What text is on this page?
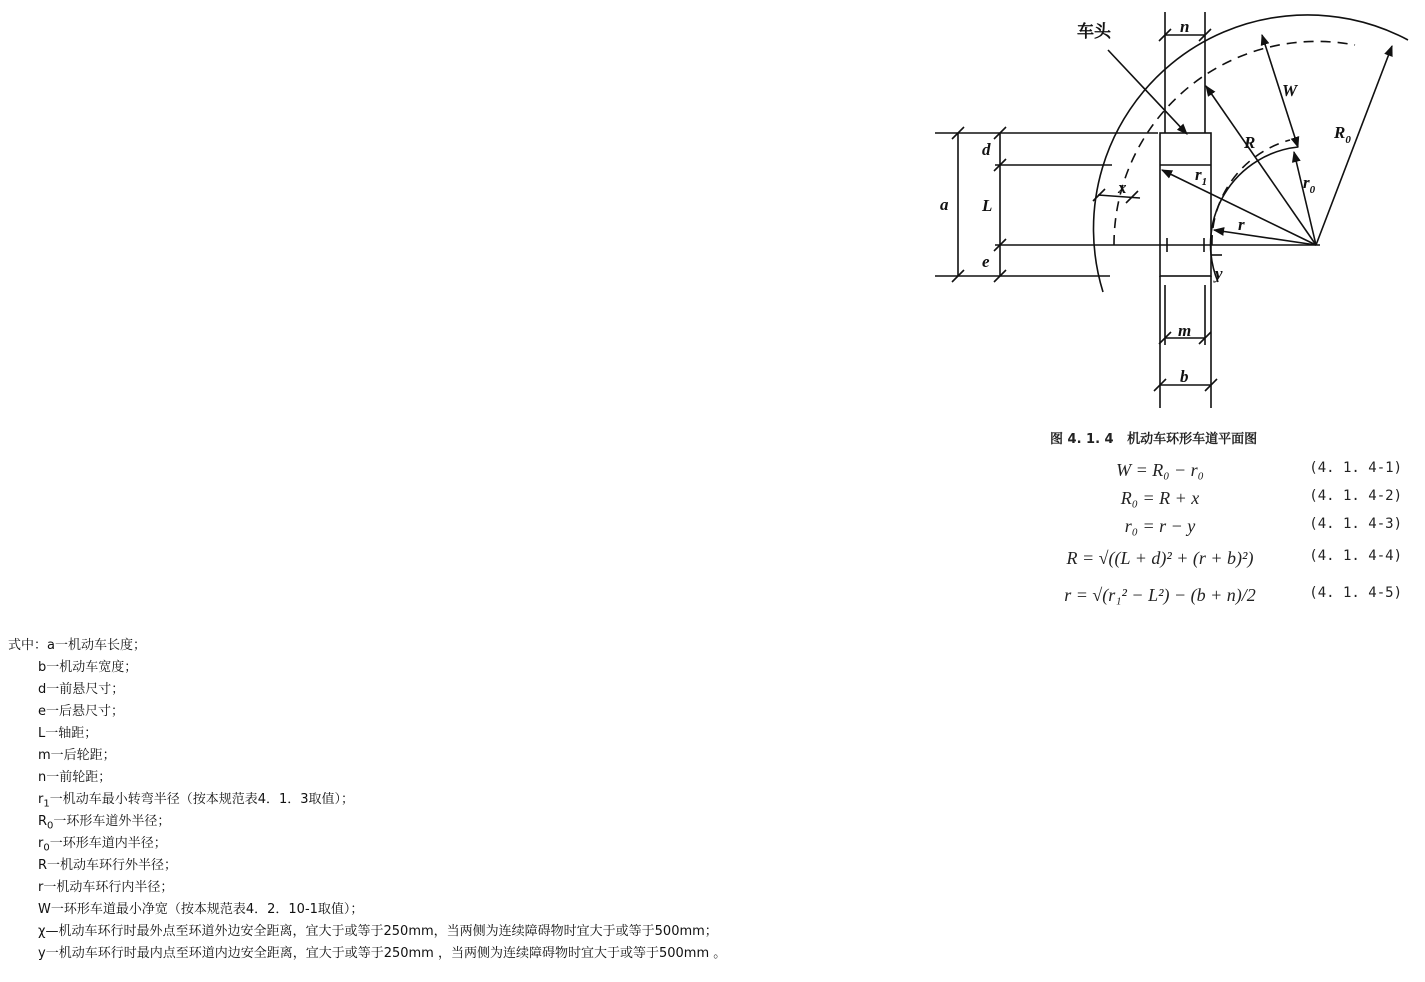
车头	n
W
$R_0$
R
$r_0$
$r_1$
r
d
a L
x
e
y
m
b
图 4. 1. 4   机动车环形车道平面图
W = R₀ − r₀	(4. 1. 4-1)
R₀ = R + x	(4. 1. 4-2)
r₀ = r − y	(4. 1. 4-3)
R = √((L + d)² + (r + b)²)	(4. 1. 4-4)
r = √(r₁² − L²) − (b + n)/2	(4. 1. 4-5)
式中：a一机动车长度；
b一机动车宽度；
d一前悬尺寸；
e一后悬尺寸；
L一轴距；
m一后轮距；
n一前轮距；
$r_1$一机动车最小转弯半径（按本规范表4．1．3取值）；
$R_0$一环形车道外半径；
$r_0$一环形车道内半径；
R一机动车环行外半径；
r一机动车环行内半径；
W一环形车道最小净宽（按本规范表4．2．10-1取值）；
χ—机动车环行时最外点至环道外边安全距离，宜大于或等于250mm，当两侧为连续障碍物时宜大于或等于500mm；
y一机动车环行时最内点至环道内边安全距离，宜大于或等于250mm ，当两侧为连续障碍物时宜大于或等于500mm 。
